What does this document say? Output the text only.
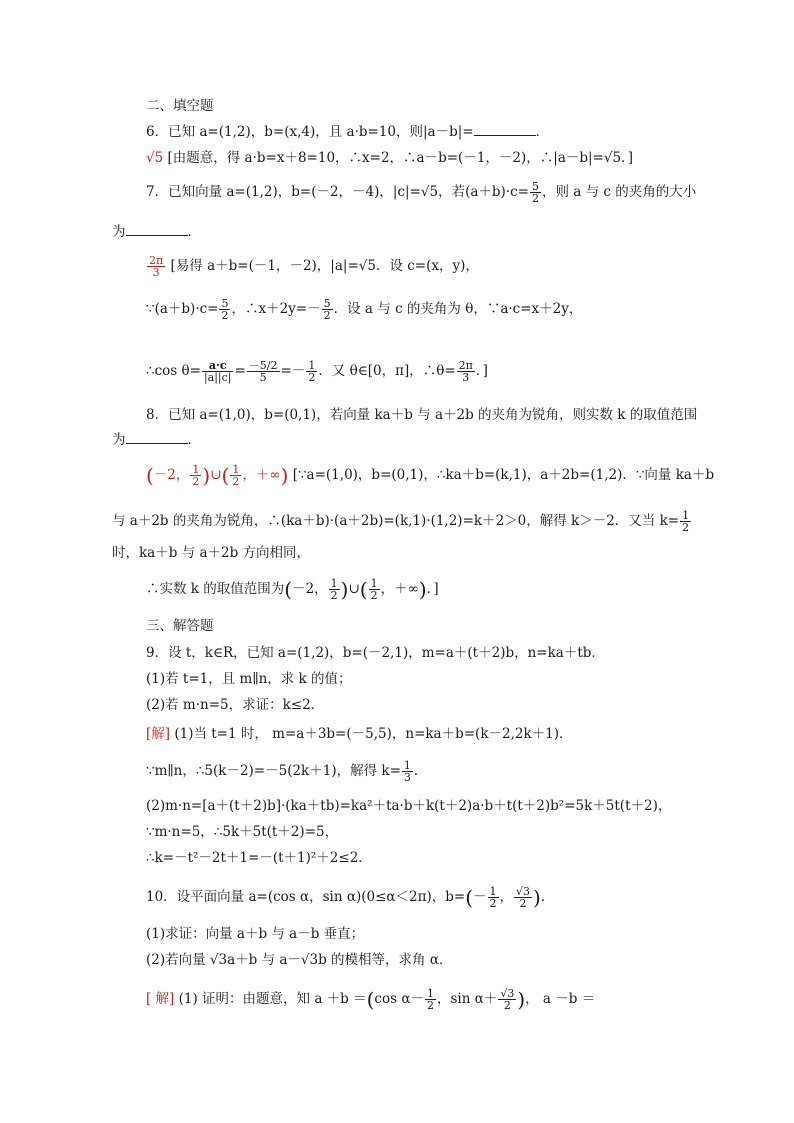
二、填空题
6．已知 a=(1,2)，b=(x,4)，且 a·b=10，则|a－b|=	．
√5 [由题意，得 a·b=x＋8=10，∴x=2，∴a－b=(－1，－2)，∴|a－b|=√5．]
7．已知向量 a=(1,2)，b=(－2，－4)，|c|=√5，若$(a+b)\cdot c= \frac{5}{2}$ ，则 a 与 c 的夹角的大小
为	．
$\frac{2\pi}{3}$ [易得 a＋b=(－1，－2)，|a|=√5．设 c=(x，y)，
∵(a＋b)·c= $\frac{5}{2}$ ，∴x＋2y=－ $\frac{5}{2}$ ．设 a 与 c 的夹角为 θ，∵a·c=x＋2y，
∴cos $\theta= \frac{a\cdot c}{|a||c|} = \frac{-5/2}{5} =- \frac{1}{2}$ ．又 θ∈[0，π]，∴θ= $\frac{2\pi}{3}$ ．]
8．已知 a=(1,0)，b=(0,1)，若向量 ka＋b 与 a＋2b 的夹角为锐角，则实数 k 的取值范围
为	．
(－2， $\frac{1}{2}$ )∪( $\frac{1}{2}$ ，＋∞) [∵a=(1,0)，b=(0,1)，∴ka＋b=(k,1)，a＋2b=(1,2)．∵向量 ka＋b
与 a＋2b 的夹角为锐角，∴(ka＋b)·(a＋2b)=(k,1)·(1,2)=k＋2＞0，解得 k＞－2．又当 $k= \frac{1}{2}$
时，ka＋b 与 a＋2b 方向相同，
∴实数 k 的取值范围为(－2， $\frac{1}{2}$ )∪( $\frac{1}{2}$ ，＋∞)．]
三、解答题
9．设 t，k∈R，已知 a=(1,2)，b=(－2,1)，m=a＋(t＋2)b，n=ka＋tb．
(1)若 t=1，且 m∥n，求 k 的值；
(2)若 m·n=5，求证：k≤2．
[解] (1)当 t=1 时， m=a＋3b=(－5,5)，n=ka＋b=(k－2,2k＋1)．
∵m∥n，∴5(k－2)=－5(2k＋1)，解得 $k= \frac{1}{3}$ ．
(2)m·n=[a＋(t＋2)b]·(ka＋tb)=ka²＋ta·b＋k(t＋2)a·b＋t(t＋2)b²=5k＋5t(t＋2)，
∵m·n=5，∴5k＋5t(t＋2)=5，
∴k=－t²－2t＋1=－(t＋1)²＋2≤2．
10．设平面向量 a=(cos α，sin α)(0≤α＜2π)，$b=(- \frac{1}{2}$ ， $\frac{√3}{2}$ )．
(1)求证：向量 a＋b 与 a－b 垂直；
(2)若向量 √3a＋b 与 a－√3b 的模相等，求角 α．
[ 解] (1) 证明：由题意，知 a ＋b ＝(cos $\alpha- \frac{1}{2}$ ，$\sin \alpha+ \frac{√3}{2}$ )， a －b ＝
